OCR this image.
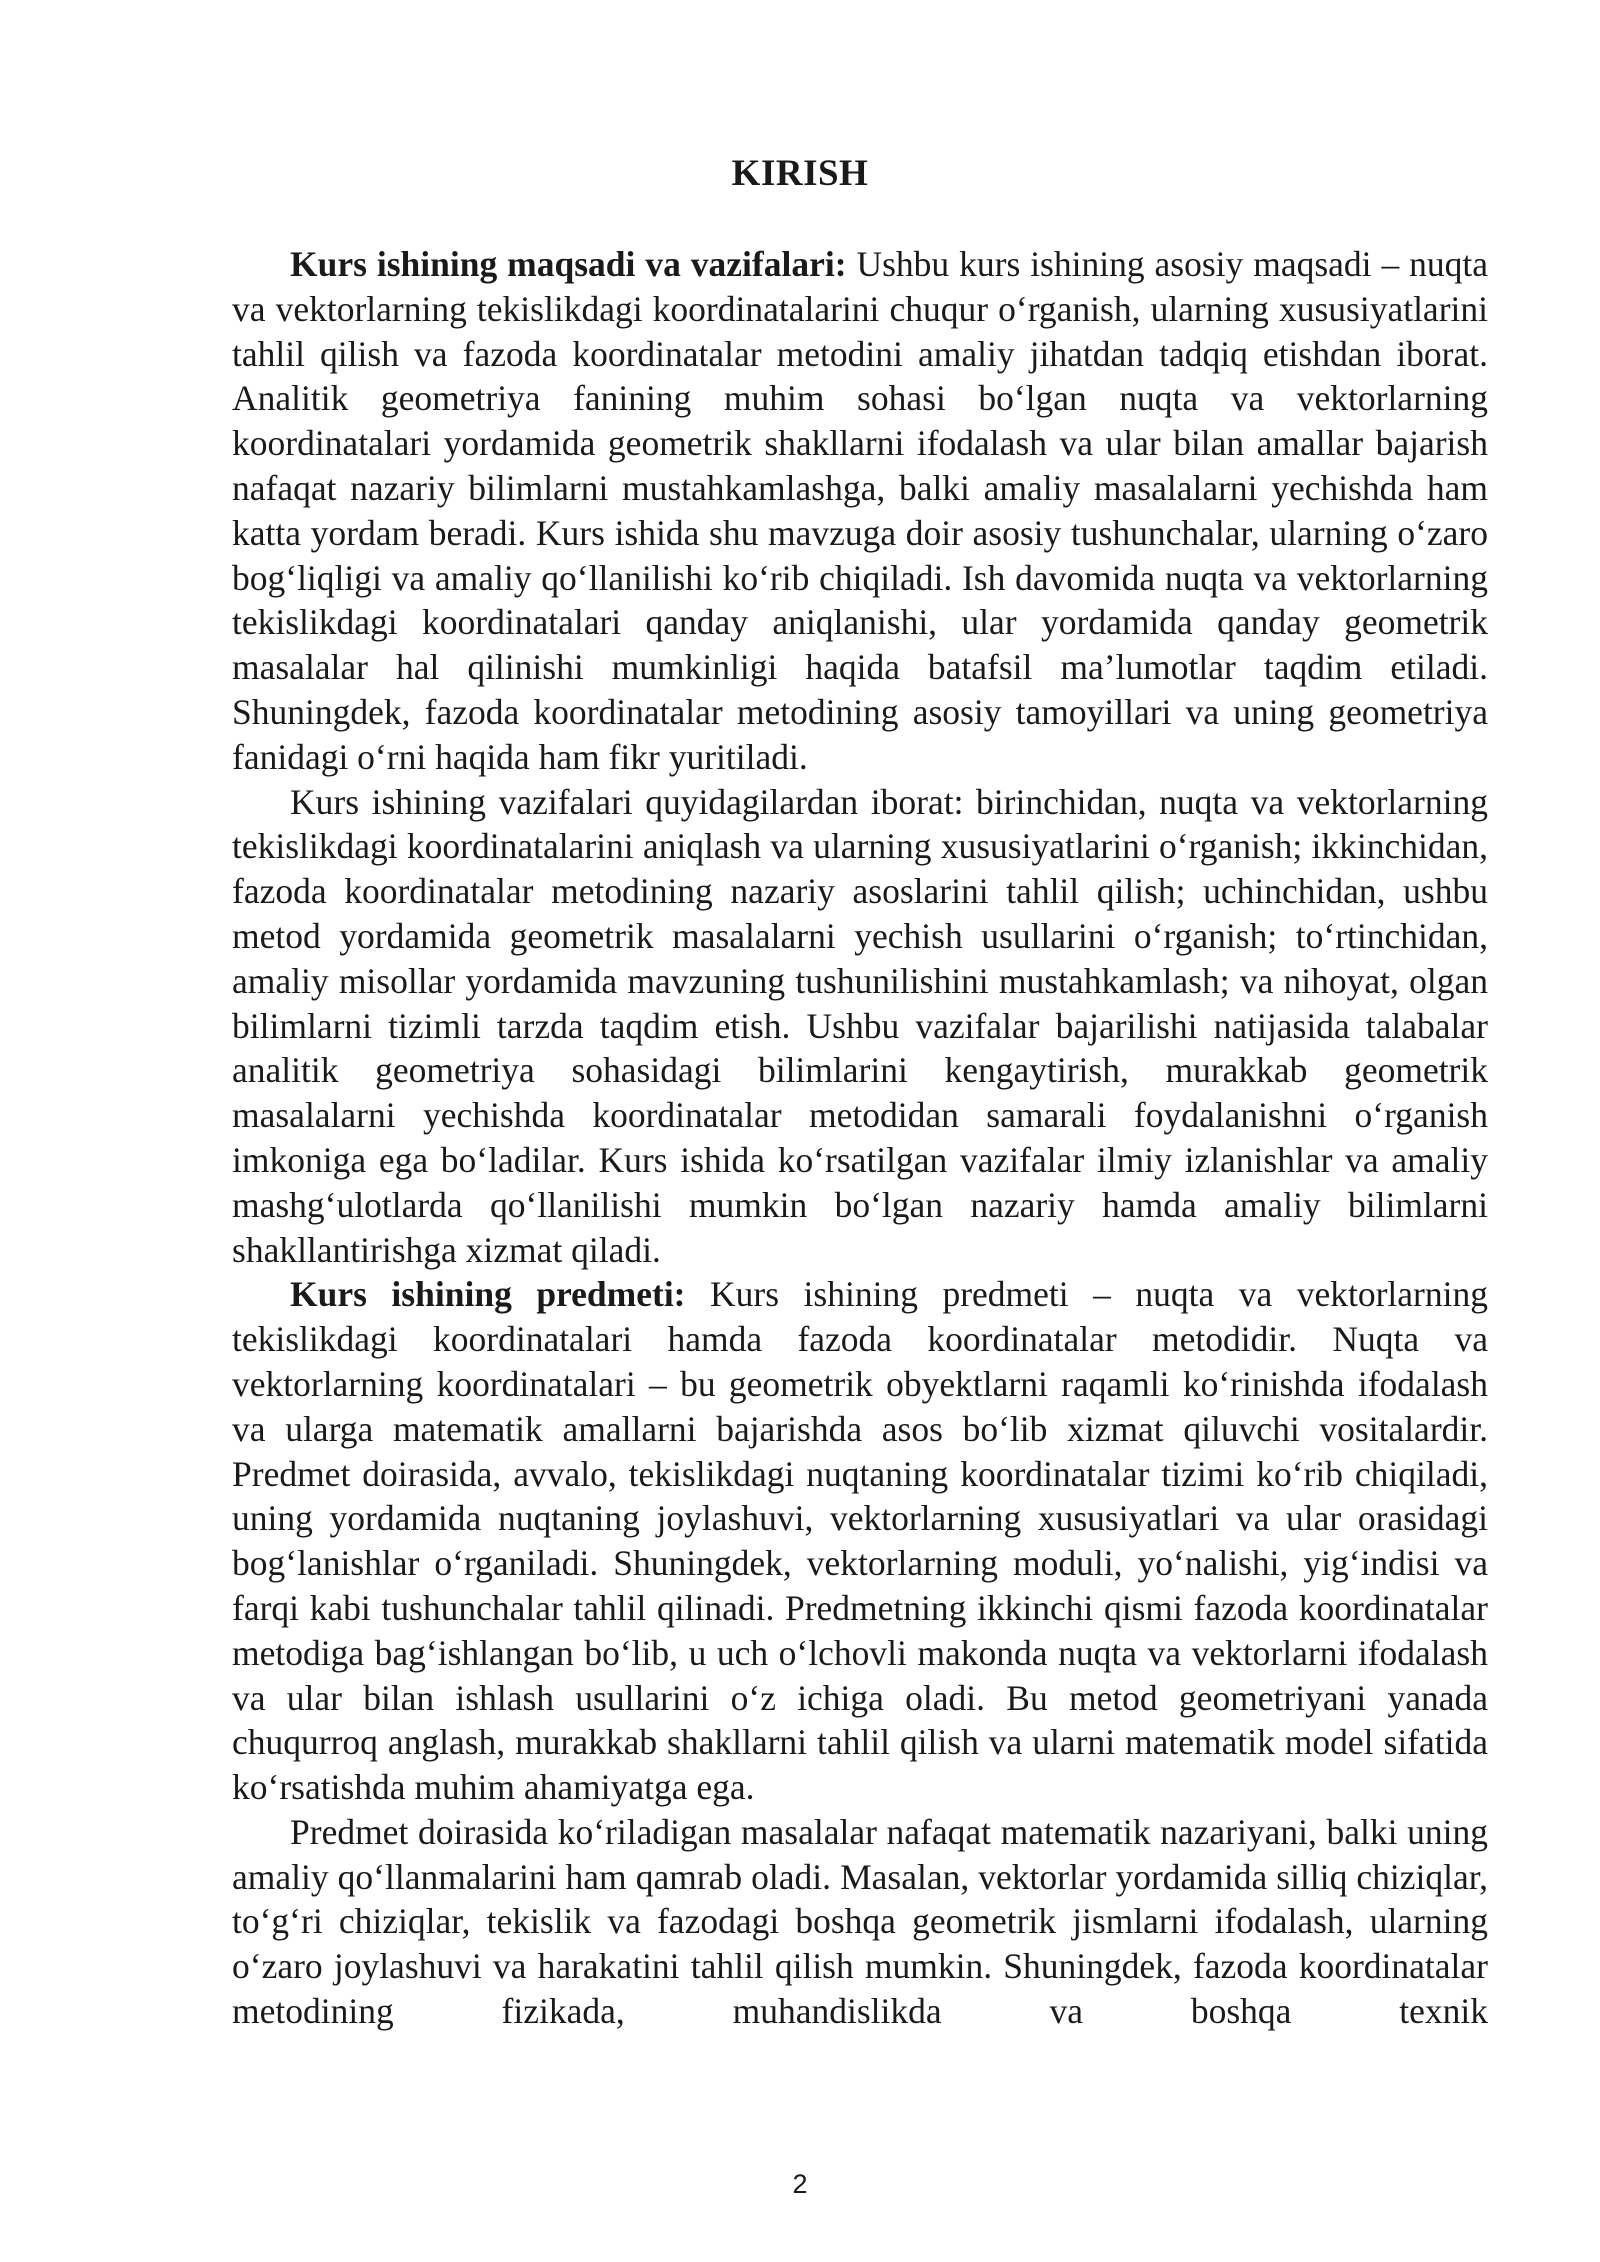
KIRISH

Kurs ishining maqsadi va vazifalari: Ushbu kurs ishining asosiy maqsadi – nuqta va vektorlarning tekislikdagi koordinatalarini chuqur o‘rganish, ularning xususiyatlarini tahlil qilish va fazoda koordinatalar metodini amaliy jihatdan tadqiq etishdan iborat. Analitik geometriya fanining muhim sohasi bo‘lgan nuqta va vektorlarning koordinatalari yordamida geometrik shakllarni ifodalash va ular bilan amallar bajarish nafaqat nazariy bilimlarni mustahkamlashga, balki amaliy masalalarni yechishda ham katta yordam beradi. Kurs ishida shu mavzuga doir asosiy tushunchalar, ularning o‘zaro bog‘liqligi va amaliy qo‘llanilishi ko‘rib chiqiladi. Ish davomida nuqta va vektorlarning tekislikdagi koordinatalari qanday aniqlanishi, ular yordamida qanday geometrik masalalar hal qilinishi mumkinligi haqida batafsil ma’lumotlar taqdim etiladi. Shuningdek, fazoda koordinatalar metodining asosiy tamoyillari va uning geometriya fanidagi o‘rni haqida ham fikr yuritiladi.

Kurs ishining vazifalari quyidagilardan iborat: birinchidan, nuqta va vektorlarning tekislikdagi koordinatalarini aniqlash va ularning xususiyatlarini o‘rganish; ikkinchidan, fazoda koordinatalar metodining nazariy asoslarini tahlil qilish; uchinchidan, ushbu metod yordamida geometrik masalalarni yechish usullarini o‘rganish; to‘rtinchidan, amaliy misollar yordamida mavzuning tushunilishini mustahkamlash; va nihoyat, olgan bilimlarni tizimli tarzda taqdim etish. Ushbu vazifalar bajarilishi natijasida talabalar analitik geometriya sohasidagi bilimlarini kengaytirish, murakkab geometrik masalalarni yechishda koordinatalar metodidan samarali foydalanishni o‘rganish imkoniga ega bo‘ladilar. Kurs ishida ko‘rsatilgan vazifalar ilmiy izlanishlar va amaliy mashg‘ulotlarda qo‘llanilishi mumkin bo‘lgan nazariy hamda amaliy bilimlarni shakllantirishga xizmat qiladi.

Kurs ishining predmeti: Kurs ishining predmeti – nuqta va vektorlarning tekislikdagi koordinatalari hamda fazoda koordinatalar metodidir. Nuqta va vektorlarning koordinatalari – bu geometrik obyektlarni raqamli ko‘rinishda ifodalash va ularga matematik amallarni bajarishda asos bo‘lib xizmat qiluvchi vositalardir. Predmet doirasida, avvalo, tekislikdagi nuqtaning koordinatalar tizimi ko‘rib chiqiladi, uning yordamida nuqtaning joylashuvi, vektorlarning xususiyatlari va ular orasidagi bog‘lanishlar o‘rganiladi. Shuningdek, vektorlarning moduli, yo‘nalishi, yig‘indisi va farqi kabi tushunchalar tahlil qilinadi. Predmetning ikkinchi qismi fazoda koordinatalar metodiga bag‘ishlangan bo‘lib, u uch o‘lchovli makonda nuqta va vektorlarni ifodalash va ular bilan ishlash usullarini o‘z ichiga oladi. Bu metod geometriyani yanada chuqurroq anglash, murakkab shakllarni tahlil qilish va ularni matematik model sifatida ko‘rsatishda muhim ahamiyatga ega.

Predmet doirasida ko‘riladigan masalalar nafaqat matematik nazariyani, balki uning amaliy qo‘llanmalarini ham qamrab oladi. Masalan, vektorlar yordamida silliq chiziqlar, to‘g‘ri chiziqlar, tekislik va fazodagi boshqa geometrik jismlarni ifodalash, ularning o‘zaro joylashuvi va harakatini tahlil qilish mumkin. Shuningdek, fazoda koordinatalar metodining fizikada, muhandislikda va boshqa texnik

2
